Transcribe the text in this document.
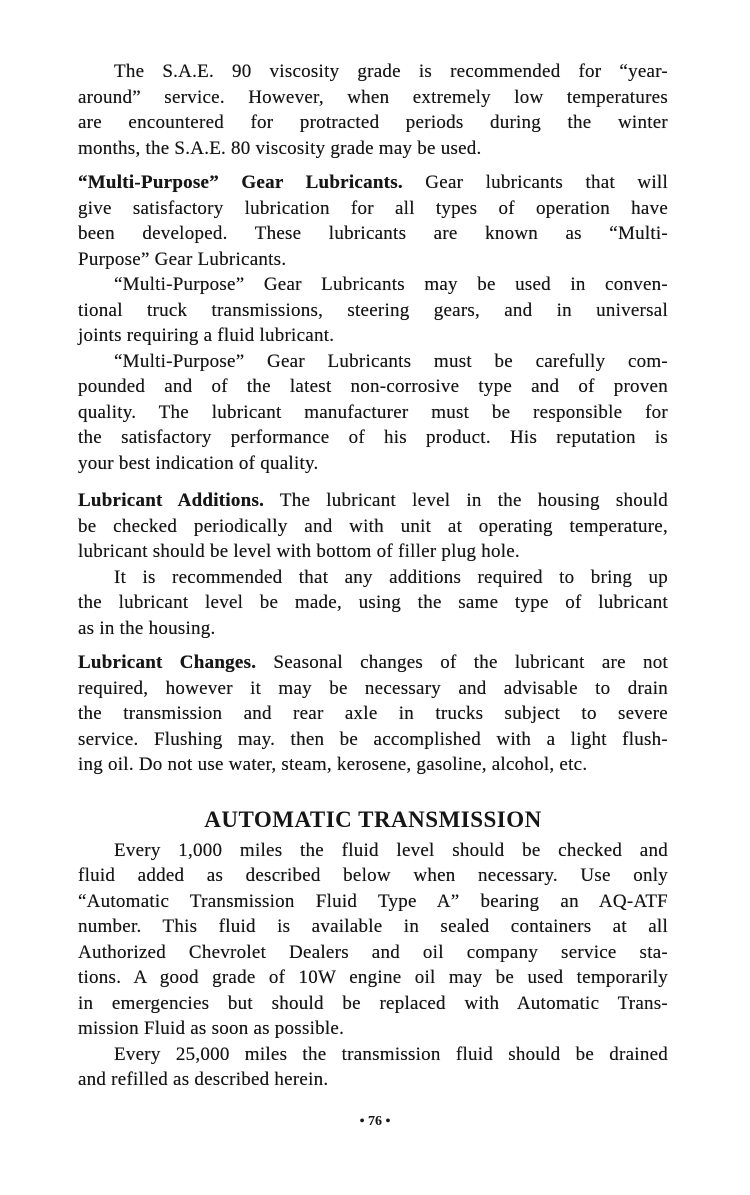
The S.A.E. 90 viscosity grade is recommended for “year-
around” service. However, when extremely low temperatures
are encountered for protracted periods during the winter
months, the S.A.E. 80 viscosity grade may be used.
“Multi-Purpose” Gear Lubricants. Gear lubricants that will
give satisfactory lubrication for all types of operation have
been developed. These lubricants are known as “Multi-
Purpose” Gear Lubricants.
“Multi-Purpose” Gear Lubricants may be used in conven-
tional truck transmissions, steering gears, and in universal
joints requiring a fluid lubricant.
“Multi-Purpose” Gear Lubricants must be carefully com-
pounded and of the latest non-corrosive type and of proven
quality. The lubricant manufacturer must be responsible for
the satisfactory performance of his product. His reputation is
your best indication of quality.
Lubricant Additions. The lubricant level in the housing should
be checked periodically and with unit at operating temperature,
lubricant should be level with bottom of filler plug hole.
It is recommended that any additions required to bring up
the lubricant level be made, using the same type of lubricant
as in the housing.
Lubricant Changes. Seasonal changes of the lubricant are not
required, however it may be necessary and advisable to drain
the transmission and rear axle in trucks subject to severe
service. Flushing may. then be accomplished with a light flush-
ing oil. Do not use water, steam, kerosene, gasoline, alcohol, etc.
AUTOMATIC TRANSMISSION
Every 1,000 miles the fluid level should be checked and
fluid added as described below when necessary. Use only
“Automatic Transmission Fluid Type A” bearing an AQ-ATF
number. This fluid is available in sealed containers at all
Authorized Chevrolet Dealers and oil company service sta-
tions. A good grade of 10W engine oil may be used temporarily
in emergencies but should be replaced with Automatic Trans-
mission Fluid as soon as possible.
Every 25,000 miles the transmission fluid should be drained
and refilled as described herein.
• 76 •
